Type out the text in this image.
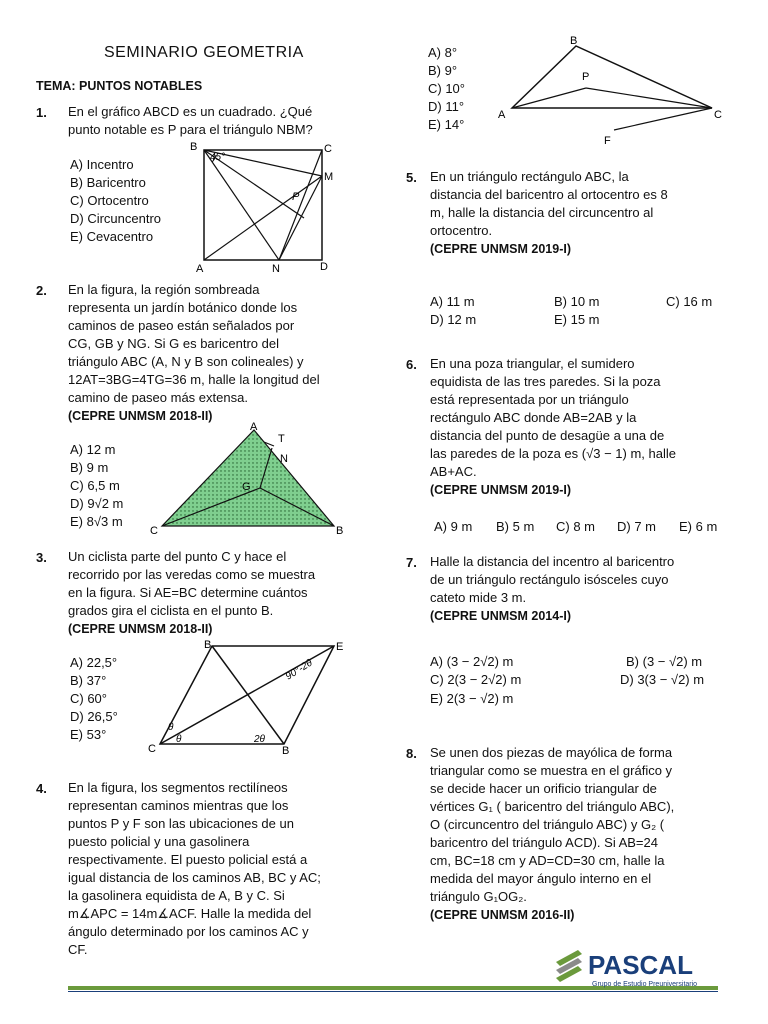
SEMINARIO GEOMETRIA
TEMA: PUNTOS NOTABLES
1. En el gráfico ABCD es un cuadrado. ¿Qué
punto notable es P para el triángulo NBM?
A) Incentro
B) Baricentro
C) Ortocentro
D) Circuncentro
E) Cevacentro
B	C
M
P
A	N	D
45°
2. En la figura, la región sombreada
representa un jardín botánico donde los
caminos de paseo están señalados por
CG, GB y NG. Si G es baricentro del
triángulo ABC (A, N y B son colineales) y
12AT=3BG=4TG=36 m, halle la longitud del
camino de paseo más extensa.
(CEPRE UNMSM 2018-II)
A) 12 m
B) 9 m
C) 6,5 m
D) 9√2 m
E) 8√3 m
A
T
N
G
C	B
3. Un ciclista parte del punto C y hace el
recorrido por las veredas como se muestra
en la figura. Si AE=BC determine cuántos
grados gira el ciclista en el punto B.
(CEPRE UNMSM 2018-II)
A) 22,5°
B) 37°
C) 60°
D) 26,5°
E) 53°
B	E
C	B
90°-2θ
θ
θ	2θ
4. En la figura, los segmentos rectilíneos
representan caminos mientras que los
puntos P y F son las ubicaciones de un
puesto policial y una gasolinera
respectivamente. El puesto policial está a
igual distancia de los caminos AB, BC y AC;
la gasolinera equidista de A, B y C. Si
m∡APC = 14m∡ACF. Halle la medida del
ángulo determinado por los caminos AC y
CF.
A) 8°
B) 9°
C) 10°
D) 11°
E) 14°
B
P
A	C
F
5. En un triángulo rectángulo ABC, la
distancia del baricentro al ortocentro es 8
m, halle la distancia del circuncentro al
ortocentro.
(CEPRE UNMSM 2019-I)
A) 11 m	B) 10 m	C) 16 m
D) 12 m	E) 15 m
6. En una poza triangular, el sumidero
equidista de las tres paredes. Si la poza
está representada por un triángulo
rectángulo ABC donde AB=2AB y la
distancia del punto de desagüe a una de
las paredes de la poza es (√3 − 1) m, halle
AB+AC.
(CEPRE UNMSM 2019-I)
A) 9 m B) 5 m C) 8 m D) 7 m E) 6 m
7. Halle la distancia del incentro al baricentro
de un triángulo rectángulo isósceles cuyo
cateto mide 3 m.
(CEPRE UNMSM 2014-I)
A) (3 − 2√2) m	B) (3 − √2) m
C) 2(3 − 2√2) m	D) 3(3 − √2) m
E) 2(3 − √2) m
8. Se unen dos piezas de mayólica de forma
triangular como se muestra en el gráfico y
se decide hacer un orificio triangular de
vértices G₁ ( baricentro del triángulo ABC),
O (circuncentro del triángulo ABC) y G₂ (
baricentro del triángulo ACD). Si AB=24
cm, BC=18 cm y AD=CD=30 cm, halle la
medida del mayor ángulo interno en el
triángulo G₁OG₂.
(CEPRE UNMSM 2016-II)
PASCAL
Grupo de Estudio Preuniversitario
